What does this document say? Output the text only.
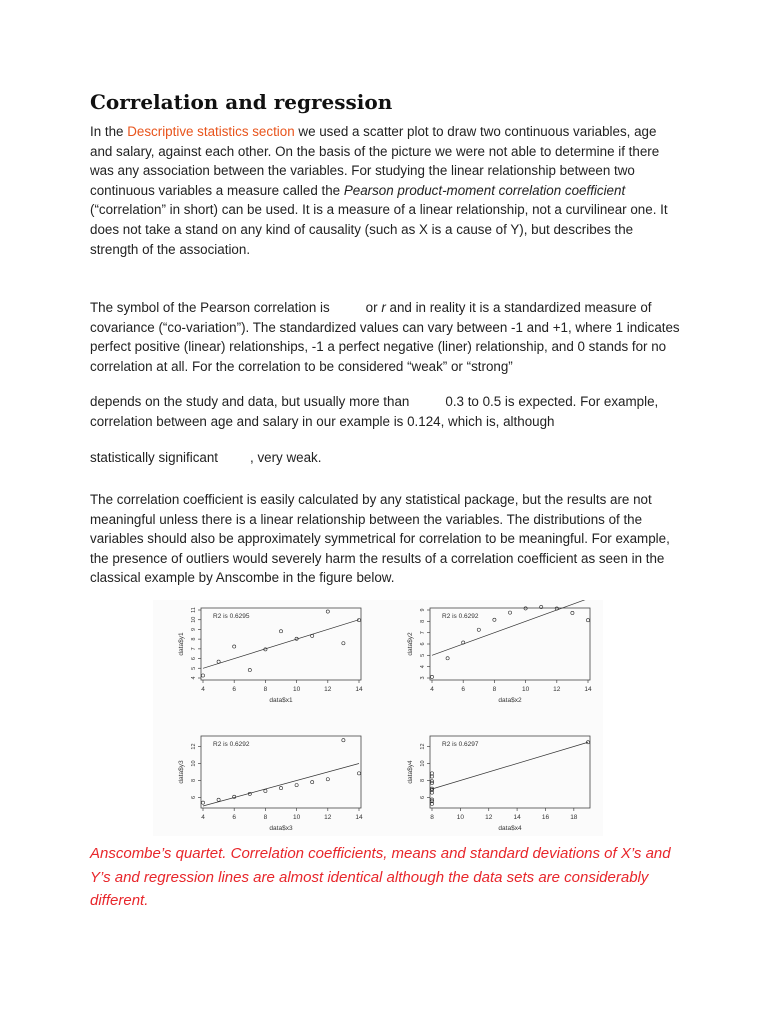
Correlation and regression

In the Descriptive statistics section we used a scatter plot to draw two continuous variables, age and salary, against each other. On the basis of the picture we were not able to determine if there was any association between the variables. For studying the linear relationship between two continuous variables a measure called the Pearson product-moment correlation coefficient (“correlation” in short) can be used. It is a measure of a linear relationship, not a curvilinear one. It does not take a stand on any kind of causality (such as X is a cause of Y), but describes the strength of the association.

The symbol of the Pearson correlation is	or r and in reality it is a standardized measure of covariance (“co-variation”). The standardized values can vary between -1 and +1, where 1 indicates perfect positive (linear) relationships, -1 a perfect negative (liner) relationship, and 0 stands for no correlation at all. For the correlation to be considered “weak” or “strong”

depends on the study and data, but usually more than	0.3 to 0.5 is expected. For example, correlation between age and salary in our example is 0.124, which is, although

statistically significant , very weak.

The correlation coefficient is easily calculated by any statistical package, but the results are not meaningful unless there is a linear relationship between the variables. The distributions of the variables should also be approximately symmetrical for correlation to be meaningful. For example, the presence of outliers would severely harm the results of a correlation coefficient as seen in the classical example by Anscombe in the figure below.

R2 is 0.6295
4	6	8	10	12	14
4
5
6
7
8
9
10
11
data$x1
data$y1
R2 is 0.6292
4	6	8	10	12	14
3
4
5
6
7
8
9
data$x2
data$y2
R2 is 0.6292
4	6	8	10	12	14
6
8
10
12
data$x3
data$y3
R2 is 0.6297
8	10	12	14	16	18
6
8
10
12
data$x4
data$y4

Anscombe’s quartet. Correlation coefficients, means and standard deviations of X’s and Y’s and regression lines are almost identical although the data sets are considerably different.
